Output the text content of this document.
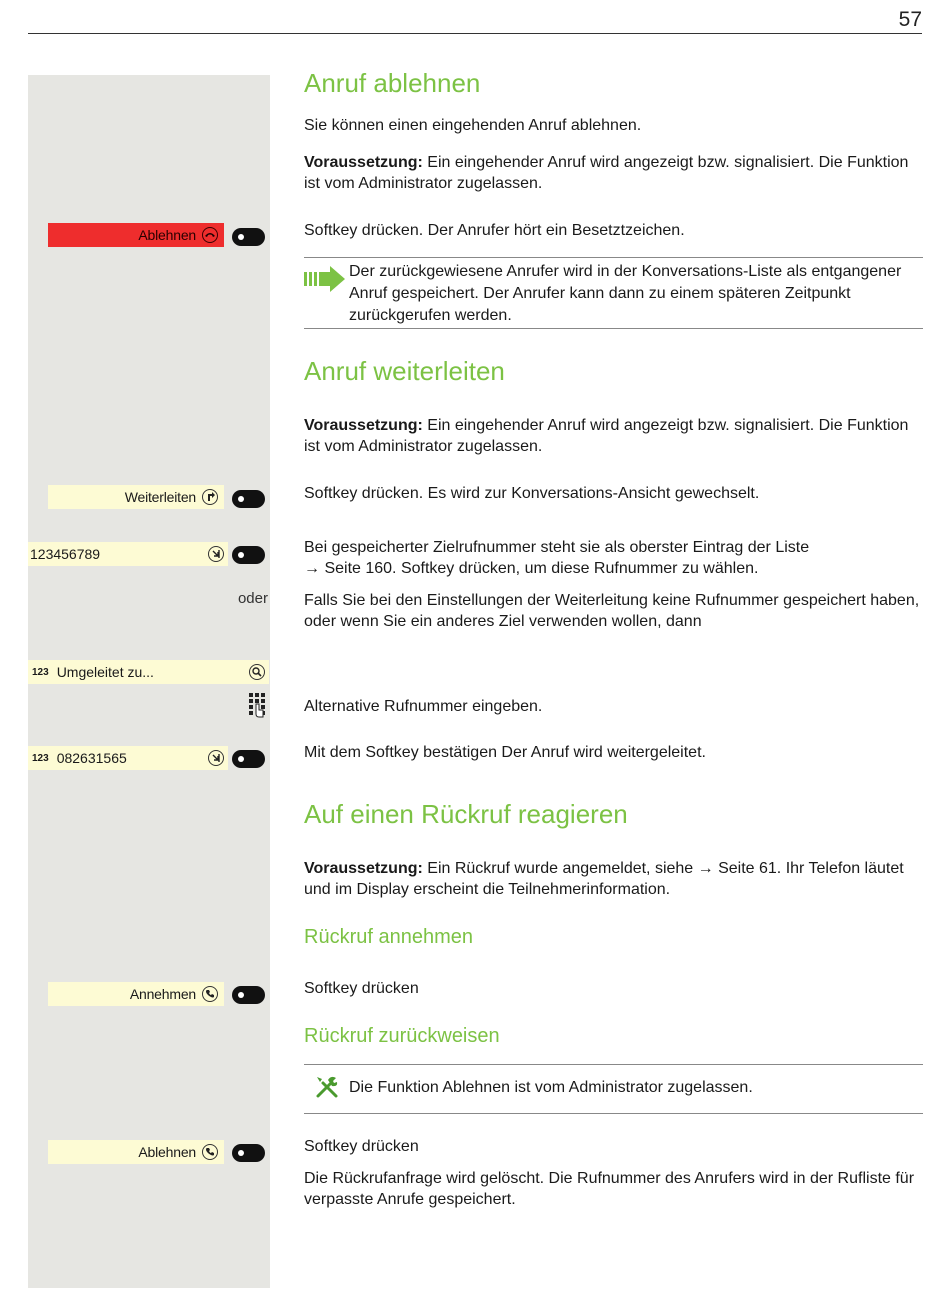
57
Ablehnen
Weiterleiten
123456789
oder
123 Umgeleitet zu...
123 082631565
Annehmen
Ablehnen
Anruf ablehnen

Sie können einen eingehenden Anruf ablehnen.

Voraussetzung: Ein eingehender Anruf wird angezeigt bzw. signalisiert. Die Funktion ist vom Administrator zugelassen.

Softkey drücken. Der Anrufer hört ein Besetztzeichen.

Der zurückgewiesene Anrufer wird in der Konversations-Liste als entgangener Anruf gespeichert. Der Anrufer kann dann zu einem späteren Zeitpunkt zurückgerufen werden.
Anruf weiterleiten

Voraussetzung: Ein eingehender Anruf wird angezeigt bzw. signalisiert. Die Funktion ist vom Administrator zugelassen.

Softkey drücken. Es wird zur Konversations-Ansicht gewechselt.

Bei gespeicherter Zielrufnummer steht sie als oberster Eintrag der Liste
→ Seite 160. Softkey drücken, um diese Rufnummer zu wählen.

Falls Sie bei den Einstellungen der Weiterleitung keine Rufnummer gespeichert haben, oder wenn Sie ein anderes Ziel verwenden wollen, dann

Alternative Rufnummer eingeben.

Mit dem Softkey bestätigen Der Anruf wird weitergeleitet.

Auf einen Rückruf reagieren

Voraussetzung: Ein Rückruf wurde angemeldet, siehe → Seite 61. Ihr Telefon läutet und im Display erscheint die Teilnehmerinformation.

Rückruf annehmen

Softkey drücken

Rückruf zurückweisen
Die Funktion Ablehnen ist vom Administrator zugelassen.

Softkey drücken

Die Rückrufanfrage wird gelöscht. Die Rufnummer des Anrufers wird in der Rufliste für verpasste Anrufe gespeichert.
